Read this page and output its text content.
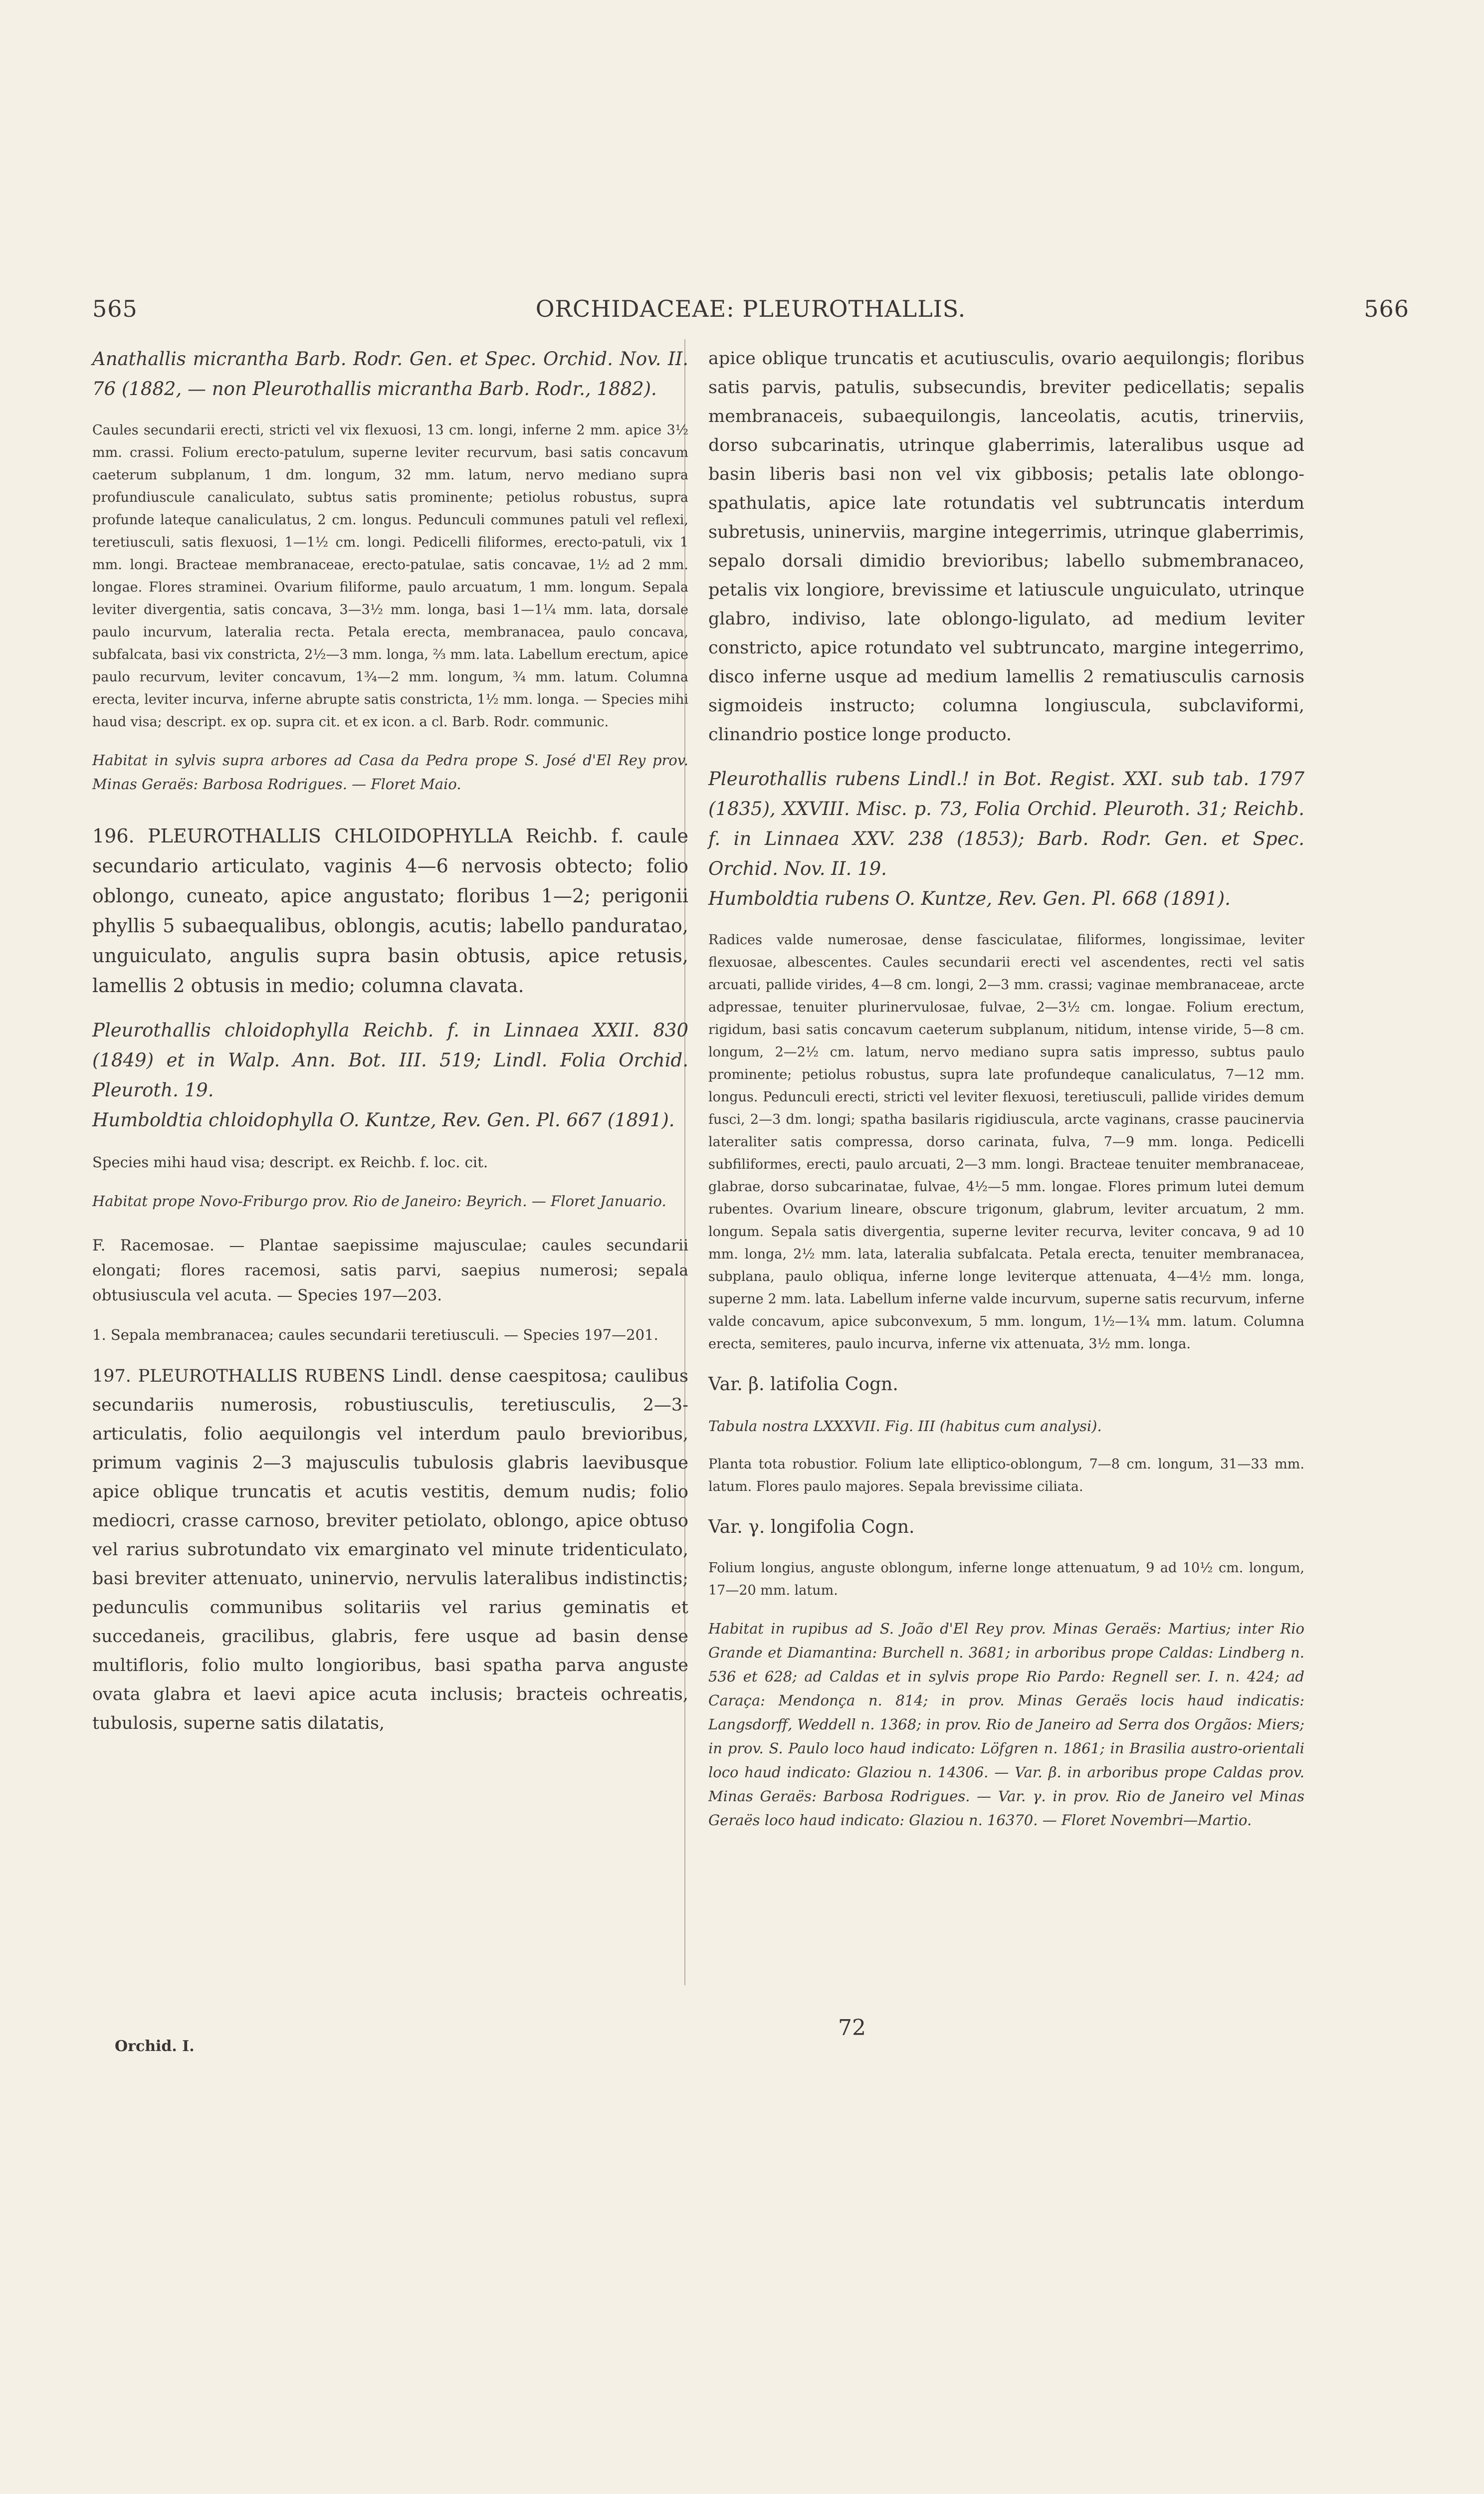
565	ORCHIDACEAE: PLEUROTHALLIS.	566

Anathallis micrantha Barb. Rodr. Gen. et Spec. Orchid. Nov. II. 76 (1882, — non Pleurothallis micrantha Barb. Rodr., 1882).

Caules secundarii erecti, stricti vel vix flexuosi, 13 cm. longi, inferne 2 mm. apice 3½ mm. crassi. Folium erecto-patulum, superne leviter recurvum, basi satis concavum caeterum subplanum, 1 dm. longum, 32 mm. latum, nervo mediano supra profundiuscule canaliculato, subtus satis prominente; petiolus robustus, supra profunde lateque canaliculatus, 2 cm. longus. Pedunculi communes patuli vel reflexi, teretiusculi, satis flexuosi, 1—1½ cm. longi. Pedicelli filiformes, erecto-patuli, vix 1 mm. longi. Bracteae membranaceae, erecto-patulae, satis concavae, 1½ ad 2 mm. longae. Flores straminei. Ovarium filiforme, paulo arcuatum, 1 mm. longum. Sepala leviter divergentia, satis concava, 3—3½ mm. longa, basi 1—1¼ mm. lata, dorsale paulo incurvum, lateralia recta. Petala erecta, membranacea, paulo concava, subfalcata, basi vix constricta, 2½—3 mm. longa, ⅔ mm. lata. Labellum erectum, apice paulo recurvum, leviter concavum, 1¾—2 mm. longum, ¾ mm. latum. Columna erecta, leviter incurva, inferne abrupte satis constricta, 1½ mm. longa. — Species mihi haud visa; descript. ex op. supra cit. et ex icon. a cl. Barb. Rodr. communic.

Habitat in sylvis supra arbores ad Casa da Pedra prope S. José d'El Rey prov. Minas Geraës: Barbosa Rodrigues. — Floret Maio.

196. PLEUROTHALLIS CHLOIDOPHYLLA Reichb. f. caule secundario articulato, vaginis 4—6 nervosis obtecto; folio oblongo, cuneato, apice angustato; floribus 1—2; perigonii phyllis 5 subaequalibus, oblongis, acutis; labello panduratao, unguiculato, angulis supra basin obtusis, apice retusis, lamellis 2 obtusis in medio; columna clavata.

Pleurothallis chloidophylla Reichb. f. in Linnaea XXII. 830 (1849) et in Walp. Ann. Bot. III. 519; Lindl. Folia Orchid. Pleuroth. 19.

Humboldtia chloidophylla O. Kuntze, Rev. Gen. Pl. 667 (1891).

Species mihi haud visa; descript. ex Reichb. f. loc. cit.

Habitat prope Novo-Friburgo prov. Rio de Janeiro: Beyrich. — Floret Januario.

F. Racemosae. — Plantae saepissime majusculae; caules secundarii elongati; flores racemosi, satis parvi, saepius numerosi; sepala obtusiuscula vel acuta. — Species 197—203.

1. Sepala membranacea; caules secundarii teretiusculi. — Species 197—201.

197. PLEUROTHALLIS RUBENS Lindl. dense caespitosa; caulibus secundariis numerosis, robustiusculis, teretiusculis, 2—3-articulatis, folio aequilongis vel interdum paulo brevioribus, primum vaginis 2—3 majusculis tubulosis glabris laevibusque apice oblique truncatis et acutis vestitis, demum nudis; folio mediocri, crasse carnoso, breviter petiolato, oblongo, apice obtuso vel rarius subrotundato vix emarginato vel minute tridenticulato, basi breviter attenuato, uninervio, nervulis lateralibus indistinctis; pedunculis communibus solitariis vel rarius geminatis et succedaneis, gracilibus, glabris, fere usque ad basin dense multifloris, folio multo longioribus, basi spatha parva anguste ovata glabra et laevi apice acuta inclusis; bracteis ochreatis, tubulosis, superne satis dilatatis,

apice oblique truncatis et acutiusculis, ovario aequilongis; floribus satis parvis, patulis, subsecundis, breviter pedicellatis; sepalis membranaceis, subaequilongis, lanceolatis, acutis, trinerviis, dorso subcarinatis, utrinque glaberrimis, lateralibus usque ad basin liberis basi non vel vix gibbosis; petalis late oblongo-spathulatis, apice late rotundatis vel subtruncatis interdum subretusis, uninerviis, margine integerrimis, utrinque glaberrimis, sepalo dorsali dimidio brevioribus; labello submembranaceo, petalis vix longiore, brevissime et latiuscule unguiculato, utrinque glabro, indiviso, late oblongo-ligulato, ad medium leviter constricto, apice rotundato vel subtruncato, margine integerrimo, disco inferne usque ad medium lamellis 2 rematiusculis carnosis sigmoideis instructo; columna longiuscula, subclaviformi, clinandrio postice longe producto.

Pleurothallis rubens Lindl.! in Bot. Regist. XXI. sub tab. 1797 (1835), XXVIII. Misc. p. 73, Folia Orchid. Pleuroth. 31; Reichb. f. in Linnaea XXV. 238 (1853); Barb. Rodr. Gen. et Spec. Orchid. Nov. II. 19.

Humboldtia rubens O. Kuntze, Rev. Gen. Pl. 668 (1891).

Radices valde numerosae, dense fasciculatae, filiformes, longissimae, leviter flexuosae, albescentes. Caules secundarii erecti vel ascendentes, recti vel satis arcuati, pallide virides, 4—8 cm. longi, 2—3 mm. crassi; vaginae membranaceae, arcte adpressae, tenuiter plurinervulosae, fulvae, 2—3½ cm. longae. Folium erectum, rigidum, basi satis concavum caeterum subplanum, nitidum, intense viride, 5—8 cm. longum, 2—2½ cm. latum, nervo mediano supra satis impresso, subtus paulo prominente; petiolus robustus, supra late profundeque canaliculatus, 7—12 mm. longus. Pedunculi erecti, stricti vel leviter flexuosi, teretiusculi, pallide virides demum fusci, 2—3 dm. longi; spatha basilaris rigidiuscula, arcte vaginans, crasse paucinervia lateraliter satis compressa, dorso carinata, fulva, 7—9 mm. longa. Pedicelli subfiliformes, erecti, paulo arcuati, 2—3 mm. longi. Bracteae tenuiter membranaceae, glabrae, dorso subcarinatae, fulvae, 4½—5 mm. longae. Flores primum lutei demum rubentes. Ovarium lineare, obscure trigonum, glabrum, leviter arcuatum, 2 mm. longum. Sepala satis divergentia, superne leviter recurva, leviter concava, 9 ad 10 mm. longa, 2½ mm. lata, lateralia subfalcata. Petala erecta, tenuiter membranacea, subplana, paulo obliqua, inferne longe leviterque attenuata, 4—4½ mm. longa, superne 2 mm. lata. Labellum inferne valde incurvum, superne satis recurvum, inferne valde concavum, apice subconvexum, 5 mm. longum, 1½—1¾ mm. latum. Columna erecta, semiteres, paulo incurva, inferne vix attenuata, 3½ mm. longa.

Var. β. latifolia Cogn.

Tabula nostra LXXXVII. Fig. III (habitus cum analysi).

Planta tota robustior. Folium late elliptico-oblongum, 7—8 cm. longum, 31—33 mm. latum. Flores paulo majores. Sepala brevissime ciliata.

Var. γ. longifolia Cogn.

Folium longius, anguste oblongum, inferne longe attenuatum, 9 ad 10½ cm. longum, 17—20 mm. latum.

Habitat in rupibus ad S. João d'El Rey prov. Minas Geraës: Martius; inter Rio Grande et Diamantina: Burchell n. 3681; in arboribus prope Caldas: Lindberg n. 536 et 628; ad Caldas et in sylvis prope Rio Pardo: Regnell ser. I. n. 424; ad Caraça: Mendonça n. 814; in prov. Minas Geraës locis haud indicatis: Langsdorff, Weddell n. 1368; in prov. Rio de Janeiro ad Serra dos Orgãos: Miers; in prov. S. Paulo loco haud indicato: Löfgren n. 1861; in Brasilia austro-orientali loco haud indicato: Glaziou n. 14306. — Var. β. in arboribus prope Caldas prov. Minas Geraës: Barbosa Rodrigues. — Var. γ. in prov. Rio de Janeiro vel Minas Geraës loco haud indicato: Glaziou n. 16370. — Floret Novembri—Martio.

Orchid. I.
72
